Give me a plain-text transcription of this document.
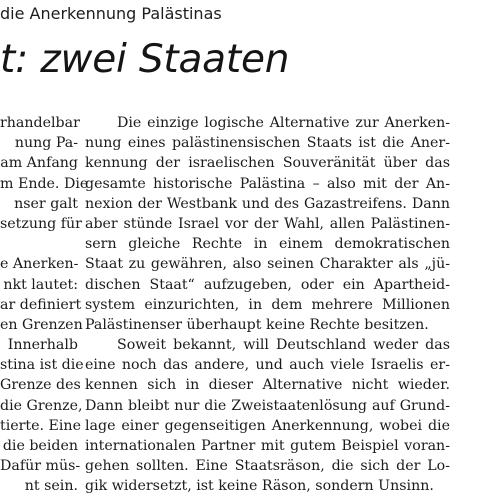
die Anerkennung Palästinas
t: zwei Staaten
rhandelbar
nung Pa-
am Anfang
m Ende. Die
nser galt
setzung für
e Anerken-
nkt lautet:
ar definiert
en Grenzen
Innerhalb
stina ist die
Grenze des
die Grenze,
tierte. Eine
die beiden
Dafür müs-
nt sein.
Die einzige logische Alternative zur Anerken-
nung eines palästinensischen Staats ist die Aner-
kennung der israelischen Souveränität über das
gesamte historische Palästina – also mit der An-
nexion der Westbank und des Gazastreifens. Dann
aber stünde Israel vor der Wahl, allen Palästinen-
sern gleiche Rechte in einem demokratischen
Staat zu gewähren, also seinen Charakter als „jü-
dischen Staat“ aufzugeben, oder ein Apartheid-
system einzurichten, in dem mehrere Millionen
Palästinenser überhaupt keine Rechte besitzen.
Soweit bekannt, will Deutschland weder das
eine noch das andere, und auch viele Israelis er-
kennen sich in dieser Alternative nicht wieder.
Dann bleibt nur die Zweistaatenlösung auf Grund-
lage einer gegenseitigen Anerkennung, wobei die
internationalen Partner mit gutem Beispiel voran-
gehen sollten. Eine Staatsräson, die sich der Lo-
gik widersetzt, ist keine Räson, sondern Unsinn.
